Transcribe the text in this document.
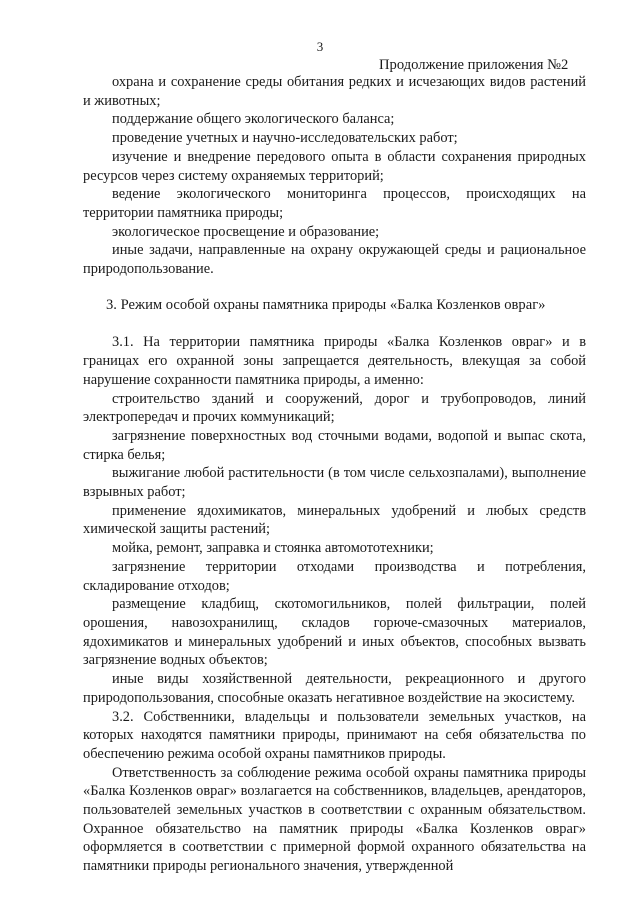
3
Продолжение приложения №2

охрана и сохранение среды обитания редких и исчезающих видов растений и животных;

поддержание общего экологического баланса;

проведение учетных и научно-исследовательских работ;

изучение и внедрение передового опыта в области сохранения природных ресурсов через систему охраняемых территорий;

ведение экологического мониторинга процессов, происходящих на территории памятника природы;

экологическое просвещение и образование;

иные задачи, направленные на охрану окружающей среды и рациональное природопользование.

3. Режим особой охраны памятника природы «Балка Козленков овраг»

3.1. На территории памятника природы «Балка Козленков овраг» и в границах его охранной зоны запрещается деятельность, влекущая за собой нарушение сохранности памятника природы, а именно:

строительство зданий и сооружений, дорог и трубопроводов, линий электропередач и прочих коммуникаций;

загрязнение поверхностных вод сточными водами, водопой и выпас скота, стирка белья;

выжигание любой растительности (в том числе сельхозпалами), выполнение взрывных работ;

применение ядохимикатов, минеральных удобрений и любых средств химической защиты растений;

мойка, ремонт, заправка и стоянка автомототехники;

загрязнение территории отходами производства и потребления, складирование отходов;

размещение кладбищ, скотомогильников, полей фильтрации, полей орошения, навозохранилищ, складов горюче-смазочных материалов, ядохимикатов и минеральных удобрений и иных объектов, способных вызвать загрязнение водных объектов;

иные виды хозяйственной деятельности, рекреационного и другого природопользования, способные оказать негативное воздействие на экосистему.

3.2. Собственники, владельцы и пользователи земельных участков, на которых находятся памятники природы, принимают на себя обязательства по обеспечению режима особой охраны памятников природы.

Ответственность за соблюдение режима особой охраны памятника природы «Балка Козленков овраг» возлагается на собственников, владельцев, арендаторов, пользователей земельных участков в соответствии с охранным обязательством. Охранное обязательство на памятник природы «Балка Козленков овраг» оформляется в соответствии с примерной формой охранного обязательства на памятники природы регионального значения, утвержденной
